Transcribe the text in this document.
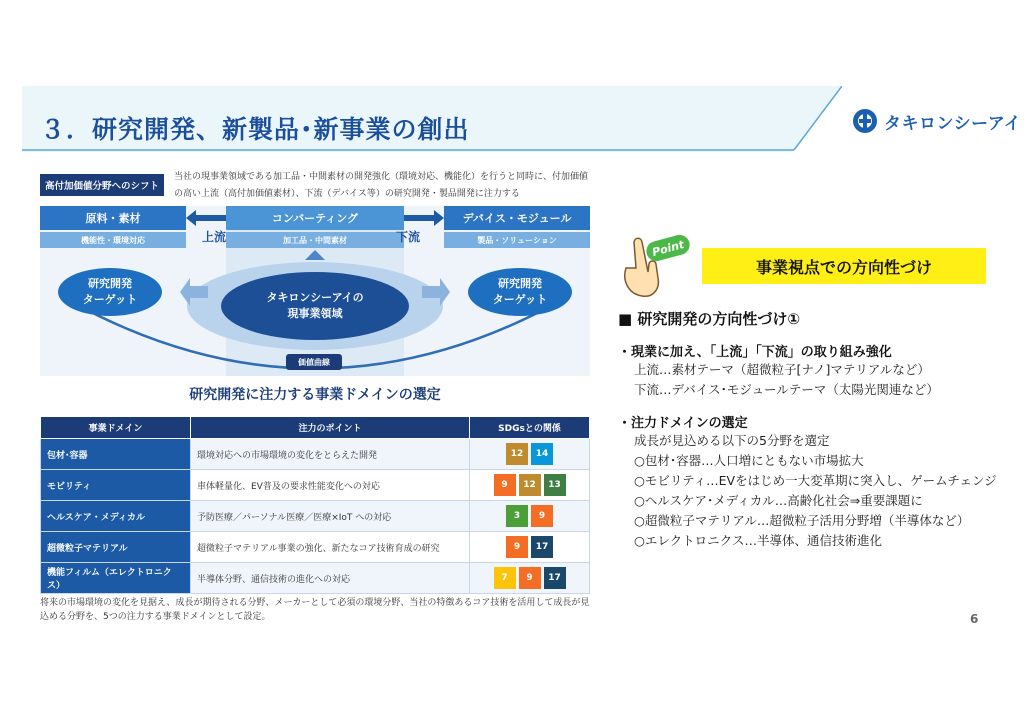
３．研究開発、新製品･新事業の創出	タキロンシーアイ
高付加価値分野へのシフト
当社の現事業領域である加工品・中間素材の開発強化（環境対応、機能化）を行うと同時に、付加価値の高い上流（高付加価値素材）、下流（デバイス等）の研究開発・製品開発に注力する
原料・素材	コンバーティング	デバイス・モジュール
機能性・環境対応	加工品・中間素材	製品・ソリューション
上流	下流
研究開発
ターゲット
研究開発
ターゲット
タキロンシーアイの
現事業領域
価値曲線
研究開発に注力する事業ドメインの選定
事業ドメイン	注力のポイント	SDGsとの関係
包材･容器	環境対応への市場環境の変化をとらえた開発	12 14

モビリティ	車体軽量化、EV普及の要求性能変化への対応	9 12 13

ヘルスケア・メディカル	予防医療／パーソナル医療／医療×IoT への対応	3 9

超微粒子マテリアル	超微粒子マテリアル事業の強化、新たなコア技術育成の研究	9 17

機能フィルム（エレクトロニクス）	半導体分野、通信技術の進化への対応	7 9 17
将来の市場環境の変化を見据え、成長が期待される分野、メーカーとして必須の環境分野、当社の特徴あるコア技術を活用して成長が見込める分野を、5つの注力する事業ドメインとして設定。
Point
事業視点での方向性づけ
■ 研究開発の方向性づけ①
・現業に加え、「上流」「下流」の取り組み強化
上流…素材テーマ（超微粒子[ナノ]マテリアルなど）
下流…デバイス･モジュールテーマ（太陽光関連など）
・注力ドメインの選定
成長が見込める以下の5分野を選定
○包材･容器…人口増にともない市場拡大
○モビリティ…EVをはじめ一大変革期に突入し、ゲームチェンジ
○ヘルスケア･メディカル…高齢化社会⇒重要課題に
○超微粒子マテリアル…超微粒子活用分野増（半導体など）
○エレクトロニクス…半導体、通信技術進化
6
